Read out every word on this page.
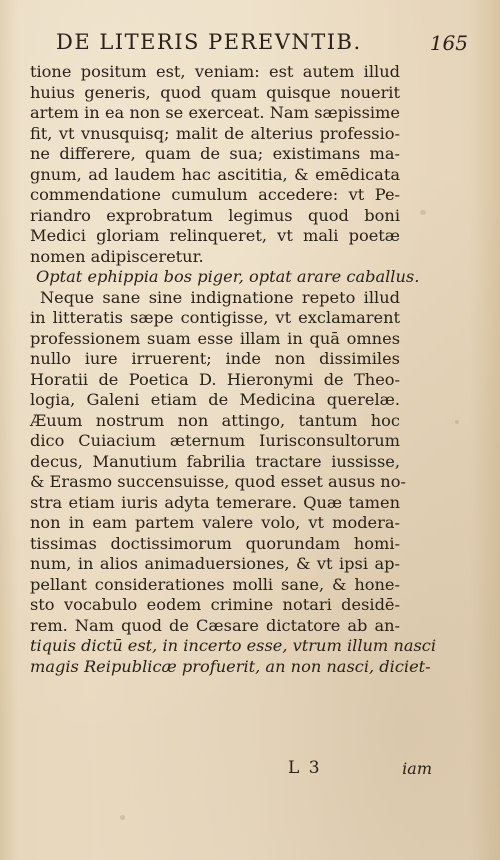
DE LITERIS PEREVNTIB.	165
tione positum est, veniam: est autem illud
huius generis, quod quam quisque nouerit
artem in ea non se exerceat. Nam sæpissime
fit, vt vnusquisq; malit de alterius professio-
ne differere, quam de sua; existimans ma-
gnum, ad laudem hac ascititia, & emēdicata
commendatione cumulum accedere: vt Pe-
riandro exprobratum legimus quod boni
Medici gloriam relinqueret, vt mali poetæ
nomen adipisceretur.
Optat ephippia bos piger, optat arare caballus.
Neque sane sine indignatione repeto illud
in litteratis sæpe contigisse, vt exclamarent
professionem suam esse illam in quā omnes
nullo iure irruerent; inde non dissimiles
Horatii de Poetica D. Hieronymi de Theo-
logia, Galeni etiam de Medicina querelæ.
Æuum nostrum non attingo, tantum hoc
dico Cuiacium æternum Iurisconsultorum
decus, Manutium fabrilia tractare iussisse,
& Erasmo succensuisse, quod esset ausus no-
stra etiam iuris adyta temerare. Quæ tamen
non in eam partem valere volo, vt modera-
tissimas doctissimorum quorundam homi-
num, in alios animaduersiones, & vt ipsi ap-
pellant considerationes molli sane, & hone-
sto vocabulo eodem crimine notari desidē-
rem. Nam quod de Cæsare dictatore ab an-
tiquis dictū est, in incerto esse, vtrum illum nasci
magis Reipublicæ profuerit, an non nasci, diciet-
L 3	iam
